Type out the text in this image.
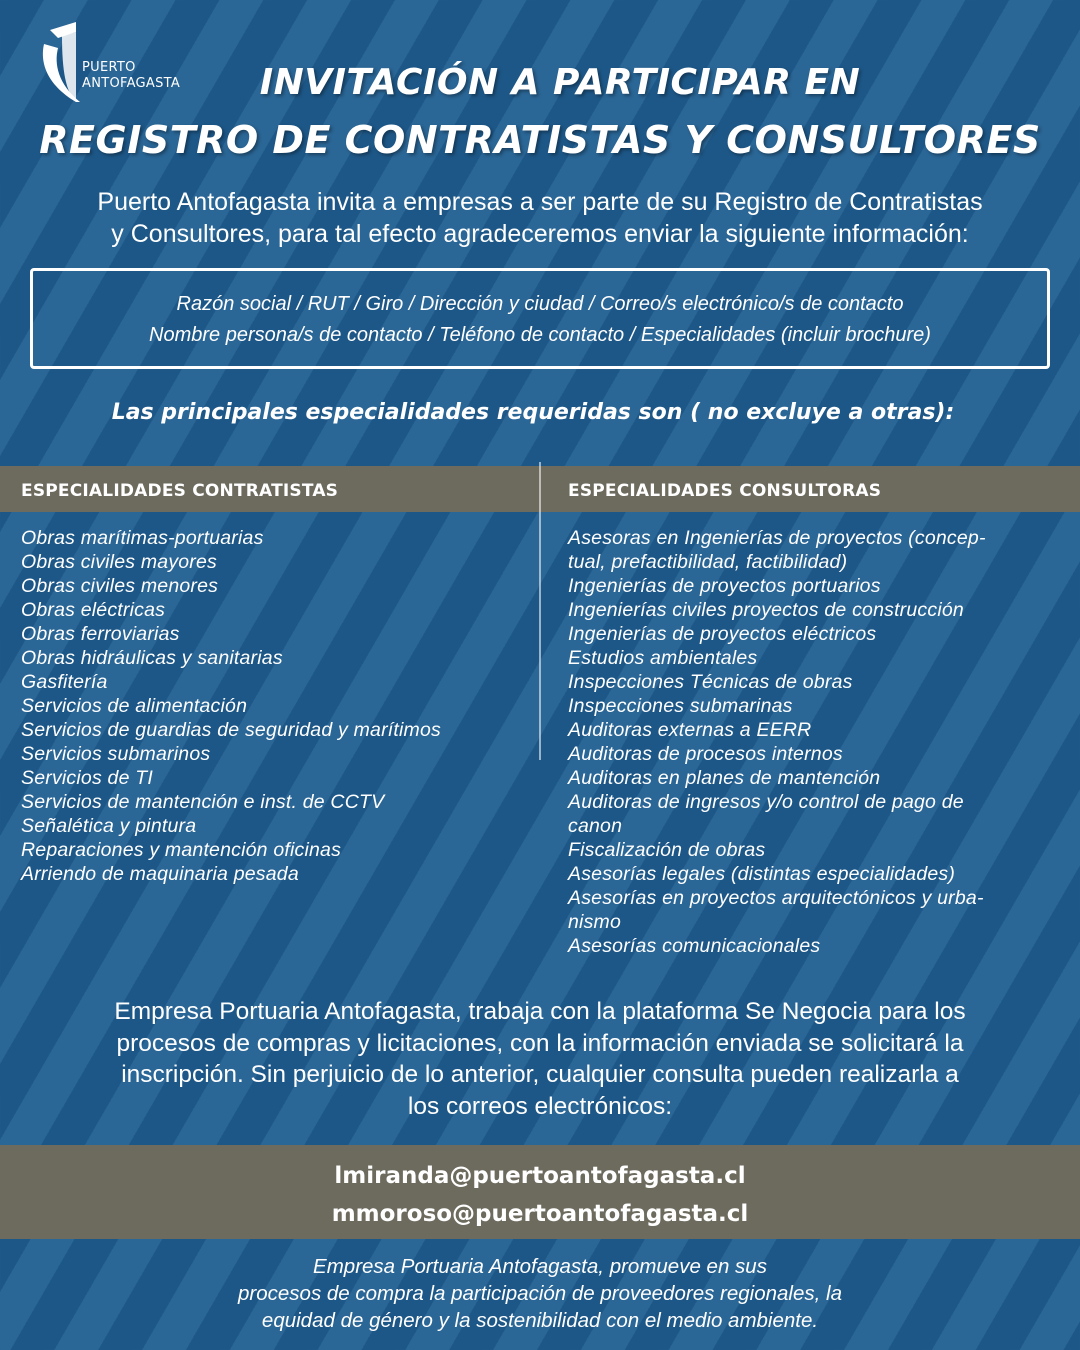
PUERTO
ANTOFAGASTA	INVITACIÓN A PARTICIPAR EN
REGISTRO DE CONTRATISTAS Y CONSULTORES
Puerto Antofagasta invita a empresas a ser parte de su Registro de Contratistas
y Consultores, para tal efecto agradeceremos enviar la siguiente información:
Razón social / RUT / Giro / Dirección y ciudad / Correo/s electrónico/s de contacto
Nombre persona/s de contacto / Teléfono de contacto / Especialidades (incluir brochure)
Las principales especialidades requeridas son ( no excluye a otras):
ESPECIALIDADES CONTRATISTAS	ESPECIALIDADES CONSULTORAS
Obras marítimas-portuarias
Obras civiles mayores
Obras civiles menores
Obras eléctricas
Obras ferroviarias
Obras hidráulicas y sanitarias
Gasfitería
Servicios de alimentación
Servicios de guardias de seguridad y marítimos
Servicios submarinos
Servicios de TI
Servicios de mantención e inst. de CCTV
Señalética y pintura
Reparaciones y mantención oficinas
Arriendo de maquinaria pesada
Asesoras en Ingenierías de proyectos (concep-
tual, prefactibilidad, factibilidad)
Ingenierías de proyectos portuarios
Ingenierías civiles proyectos de construcción
Ingenierías de proyectos eléctricos
Estudios ambientales
Inspecciones Técnicas de obras
Inspecciones submarinas
Auditoras externas a EERR
Auditoras de procesos internos
Auditoras en planes de mantención
Auditoras de ingresos y/o control de pago de
canon
Fiscalización de obras
Asesorías legales (distintas especialidades)
Asesorías en proyectos arquitectónicos y urba-
nismo
Asesorías comunicacionales
Empresa Portuaria Antofagasta, trabaja con la plataforma Se Negocia para los
procesos de compras y licitaciones, con la información enviada se solicitará la
inscripción. Sin perjuicio de lo anterior, cualquier consulta pueden realizarla a
los correos electrónicos:
lmiranda@puertoantofagasta.cl
mmoroso@puertoantofagasta.cl
Empresa Portuaria Antofagasta, promueve en sus
procesos de compra la participación de proveedores regionales, la
equidad de género y la sostenibilidad con el medio ambiente.
